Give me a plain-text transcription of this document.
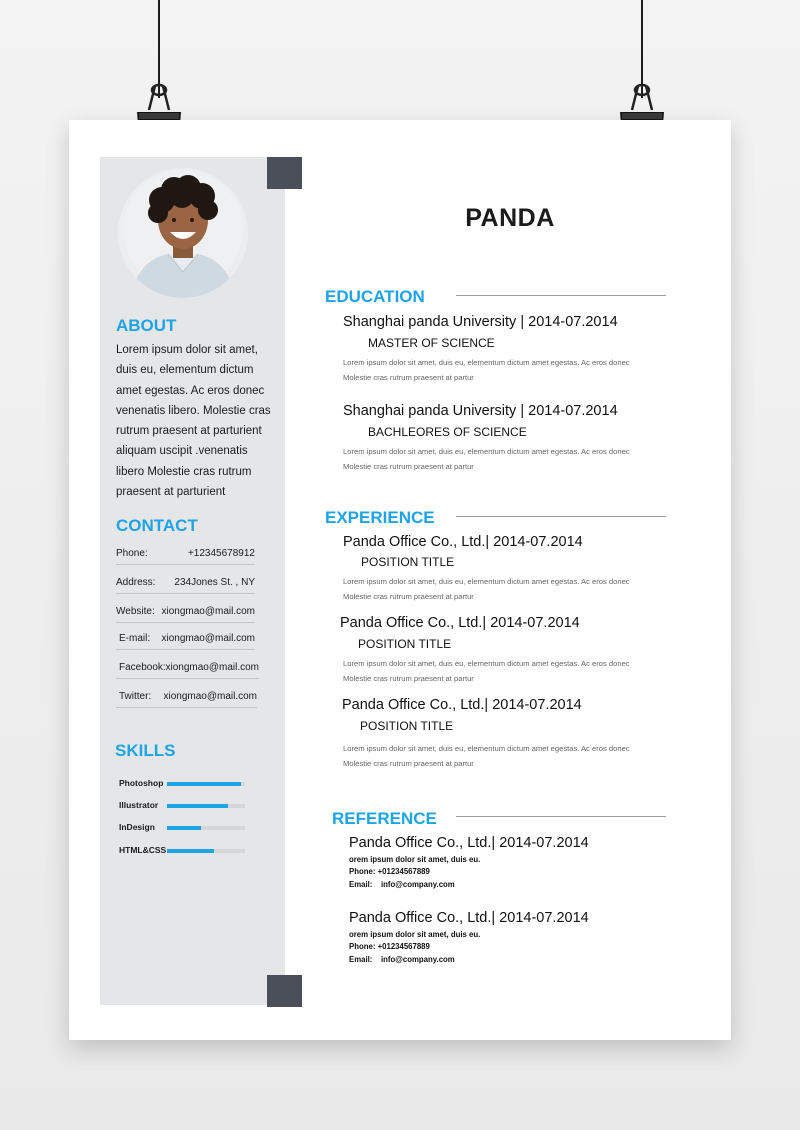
ABOUT

Lorem ipsum dolor sit amet, duis eu, elementum dictum amet egestas. Ac eros donec venenatis libero. Molestie cras rutrum praesent at parturient aliquam uscipit .venenatis libero Molestie cras rutrum praesent at parturient

CONTACT
Phone:	+12345678912
Address: 234Jones St. , NY
Website: xiongmao@mail.com
E-mail: xiongmao@mail.com
Facebook: xiongmao@mail.com
Twitter: xiongmao@mail.com
SKILLS
Photoshop
Illustrator
InDesign
HTML&CSS
PANDA
EDUCATION
Shanghai panda University | 2014-07.2014
MASTER OF SCIENCE

Lorem ipsum dolor sit amet, duis eu, elementum dictum amet egestas. Ac eros donec
Molestie cras rutrum praesent at partur

Shanghai panda University | 2014-07.2014
BACHLEORES OF SCIENCE

Lorem ipsum dolor sit amet, duis eu, elementum dictum amet egestas. Ac eros donec
Molestie cras rutrum praesent at partur

EXPERIENCE
Panda Office Co., Ltd.| 2014-07.2014
POSITION TITLE

Lorem ipsum dolor sit amet, duis eu, elementum dictum amet egestas. Ac eros donec
Molestie cras rutrum praesent at partur

Panda Office Co., Ltd.| 2014-07.2014
POSITION TITLE

Lorem ipsum dolor sit amet, duis eu, elementum dictum amet egestas. Ac eros donec
Molestie cras rutrum praesent at partur

Panda Office Co., Ltd.| 2014-07.2014
POSITION TITLE

Lorem ipsum dolor sit amet, duis eu, elementum dictum amet egestas. Ac eros donec
Molestie cras rutrum praesent at partur

REFERENCE
Panda Office Co., Ltd.| 2014-07.2014
orem ipsum dolor sit amet, duis eu.
Phone: +01234567889
Email: info@company.com
Panda Office Co., Ltd.| 2014-07.2014
orem ipsum dolor sit amet, duis eu.
Phone: +01234567889
Email: info@company.com
